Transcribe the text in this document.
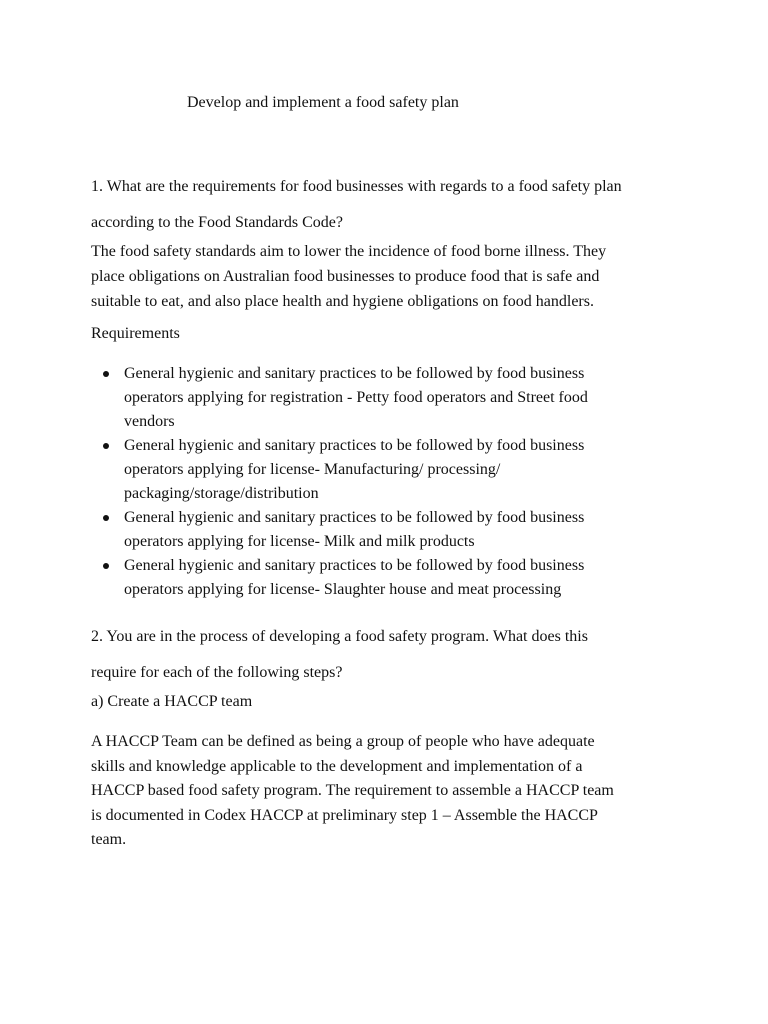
Develop and implement a food safety plan
1. What are the requirements for food businesses with regards to a food safety plan
according to the Food Standards Code?
The food safety standards aim to lower the incidence of food borne illness. They
place obligations on Australian food businesses to produce food that is safe and
suitable to eat, and also place health and hygiene obligations on food handlers.
Requirements
General hygienic and sanitary practices to be followed by food business
operators applying for registration - Petty food operators and Street food
vendors
General hygienic and sanitary practices to be followed by food business
operators applying for license- Manufacturing/ processing/
packaging/storage/distribution
General hygienic and sanitary practices to be followed by food business
operators applying for license- Milk and milk products
General hygienic and sanitary practices to be followed by food business
operators applying for license- Slaughter house and meat processing
2. You are in the process of developing a food safety program. What does this
require for each of the following steps?
a) Create a HACCP team
A HACCP Team can be defined as being a group of people who have adequate
skills and knowledge applicable to the development and implementation of a
HACCP based food safety program. The requirement to assemble a HACCP team
is documented in Codex HACCP at preliminary step 1 – Assemble the HACCP
team.
